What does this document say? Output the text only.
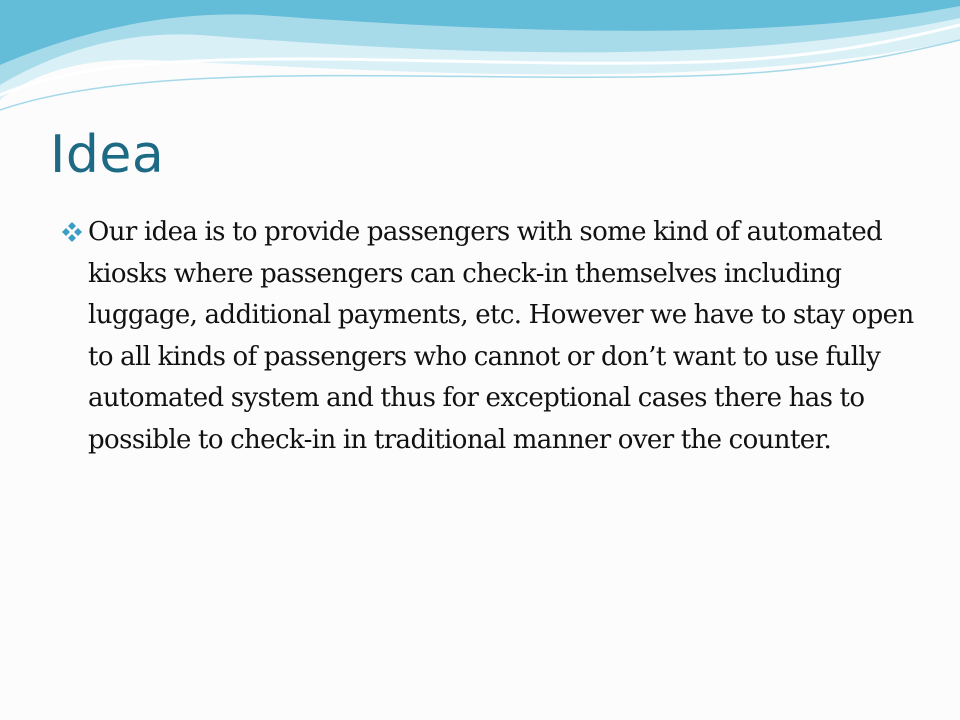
Idea

Our idea is to provide passengers with some kind of automated kiosks where passengers can check-in themselves including luggage, additional payments, etc. However we have to stay open to all kinds of passengers who cannot or don’t want to use fully automated system and thus for exceptional cases there has to possible to check-in in traditional manner over the counter.
